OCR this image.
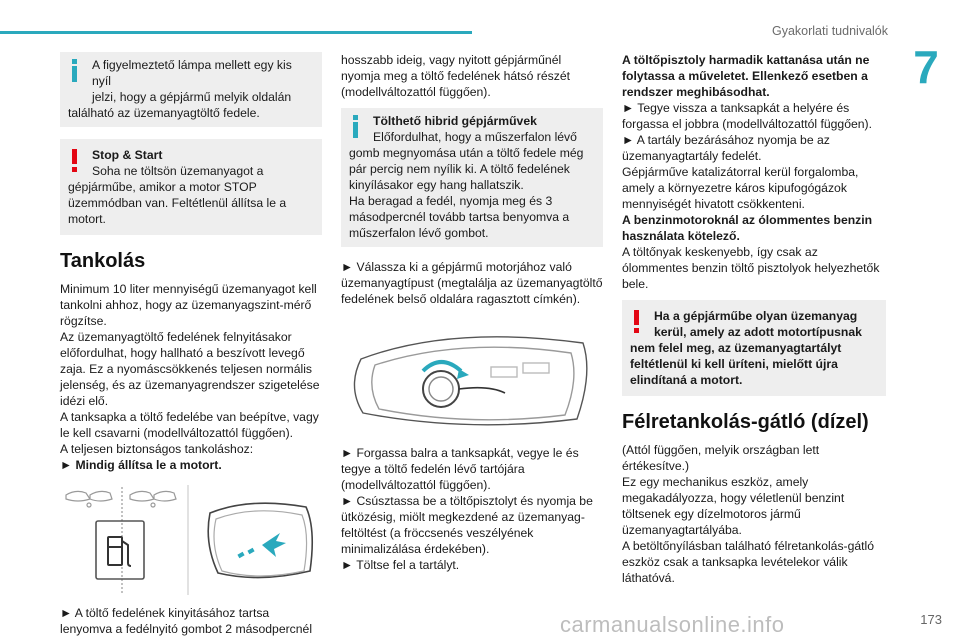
Gyakorlati tudnivalók
7
A figyelmeztető lámpa mellett egy kis nyíl
jelzi, hogy a gépjármű melyik oldalán
található az üzemanyagtöltő fedele.
Stop & Start
Soha ne töltsön üzemanyagot a
gépjárműbe, amikor a motor STOP üzemmódban van. Feltétlenül állítsa le a motort.
Tankolás

Minimum 10 liter mennyiségű üzemanyagot kell tankolni ahhoz, hogy az üzemanyagszint-mérő rögzítse.

Az üzemanyagtöltő fedelének felnyitásakor előfordulhat, hogy hallható a beszívott levegő zaja. Ez a nyomáscsökkenés teljesen normális jelenség, és az üzemanyagrendszer szigetelése idézi elő.

A tanksapka a töltő fedelébe van beépítve, vagy le kell csavarni (modellváltozattól függően).

A teljesen biztonságos tankoláshoz:

► Mindig állítsa le a motort.

► A töltő fedelének kinyitásához tartsa lenyomva a fedélnyitó gombot 2 másodpercnél

hosszabb ideig, vagy nyitott gépjárműnél nyomja meg a töltő fedelének hátsó részét (modellváltozattól függően).

Tölthető hibrid gépjárművek
Előfordulhat, hogy a műszerfalon lévő
gomb megnyomása után a töltő fedele még pár percig nem nyílik ki. A töltő fedelének kinyílásakor egy hang hallatszik.
Ha beragad a fedél, nyomja meg és 3 másodpercnél tovább tartsa benyomva a műszerfalon lévő gombot.

► Válassza ki a gépjármű motorjához való üzemanyagtípust (megtalálja az üzemanyagtöltő fedelének belső oldalára ragasztott címkén).

► Forgassa balra a tanksapkát, vegye le és tegye a töltő fedelén lévő tartójára (modellváltozattól függően).

► Csúsztassa be a töltőpisztolyt és nyomja be ütközésig, miölt megkezdené az üzemanyag-feltöltést (a fröccsenés veszélyének minimalizálása érdekében).

► Töltse fel a tartályt.

A töltőpisztoly harmadik kattanása után ne folytassa a műveletet. Ellenkező esetben a rendszer meghibásodhat.

► Tegye vissza a tanksapkát a helyére és forgassa el jobbra (modellváltozattól függően).

► A tartály bezárásához nyomja be az üzemanyagtartály fedelét.

Gépjárműve katalizátorral kerül forgalomba, amely a környezetre káros kipufogógázok mennyiségét hivatott csökkenteni.

A benzinmotoroknál az ólommentes benzin használata kötelező.

A töltőnyak keskenyebb, így csak az ólommentes benzin töltő pisztolyok helyezhetők bele.

Ha a gépjárműbe olyan üzemanyag
kerül, amely az adott motortípusnak
nem felel meg, az üzemanyagtartályt feltétlenül ki kell üríteni, mielőtt újra elindítaná a motort.
Félretankolás-gátló (dízel)

(Attól függően, melyik országban lett értékesítve.)

Ez egy mechanikus eszköz, amely megakadályozza, hogy véletlenül benzint töltsenek egy dízelmotoros jármű üzemanyagtartályába.

A betöltőnyílásban található félretankolás-gátló eszköz csak a tanksapka levételekor válik láthatóvá.

carmanualsonline.info	173
